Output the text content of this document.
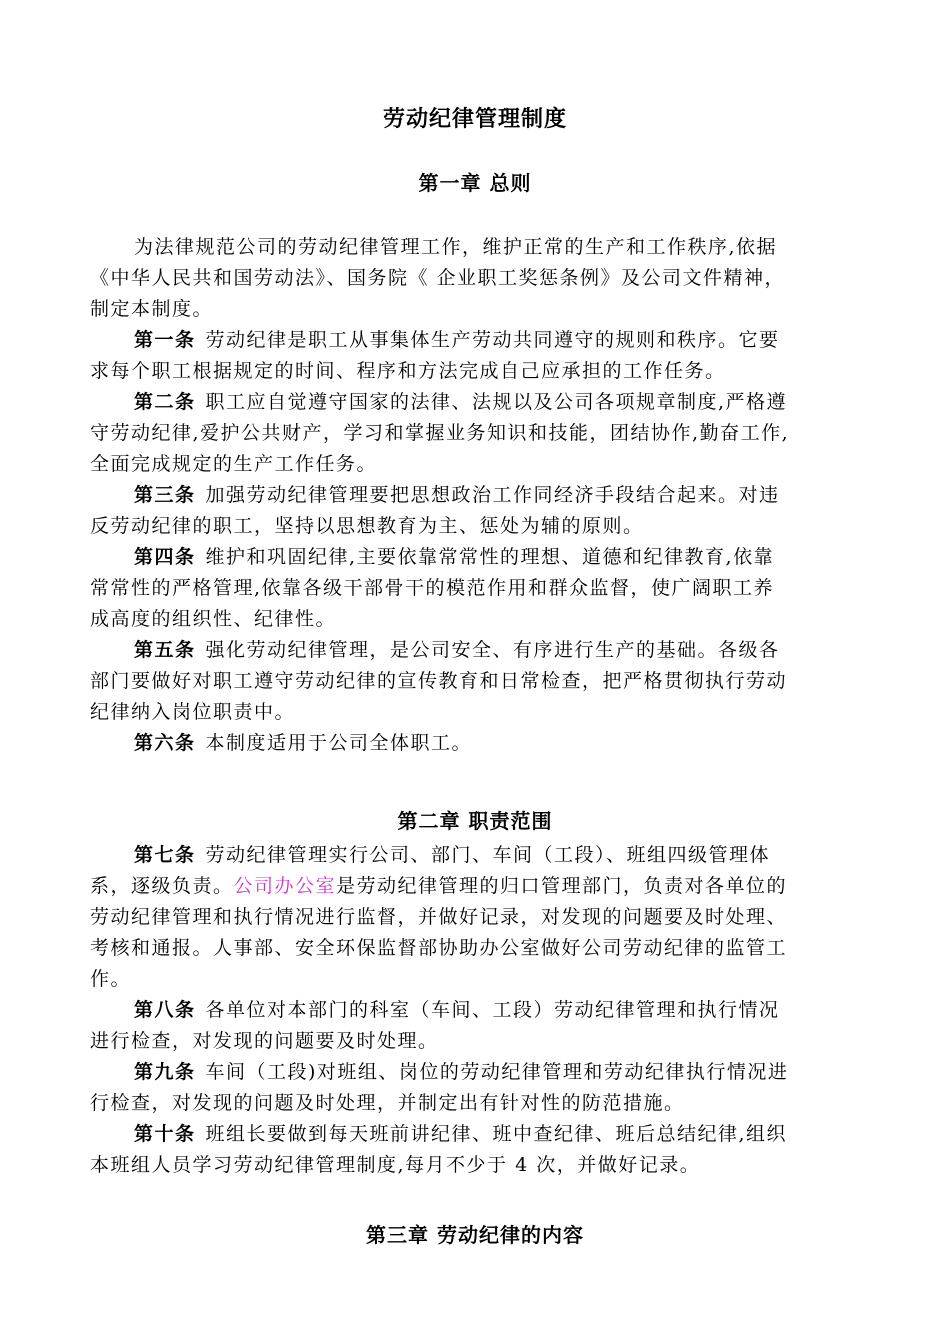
劳动纪律管理制度
第一章 总则
为法律规范公司的劳动纪律管理工作，维护正常的生产和工作秩序,依据
《中华人民共和国劳动法》、国务院《 企业职工奖惩条例》及公司文件精神，
制定本制度。
第一条 劳动纪律是职工从事集体生产劳动共同遵守的规则和秩序。它要
求每个职工根据规定的时间、程序和方法完成自己应承担的工作任务。
第二条 职工应自觉遵守国家的法律、法规以及公司各项规章制度,严格遵
守劳动纪律,爱护公共财产，学习和掌握业务知识和技能，团结协作,勤奋工作,
全面完成规定的生产工作任务。
第三条 加强劳动纪律管理要把思想政治工作同经济手段结合起来。对违
反劳动纪律的职工，坚持以思想教育为主、惩处为辅的原则。
第四条 维护和巩固纪律,主要依靠常常性的理想、道德和纪律教育,依靠
常常性的严格管理,依靠各级干部骨干的模范作用和群众监督，使广阔职工养
成高度的组织性、纪律性。
第五条 强化劳动纪律管理，是公司安全、有序进行生产的基础。各级各
部门要做好对职工遵守劳动纪律的宣传教育和日常检查，把严格贯彻执行劳动
纪律纳入岗位职责中。
第六条 本制度适用于公司全体职工。
第二章 职责范围
第七条 劳动纪律管理实行公司、部门、车间（工段）、班组四级管理体
系，逐级负责。公司办公室是劳动纪律管理的归口管理部门，负责对各单位的
劳动纪律管理和执行情况进行监督，并做好记录，对发现的问题要及时处理、
考核和通报。人事部、安全环保监督部协助办公室做好公司劳动纪律的监管工
作。
第八条 各单位对本部门的科室（车间、工段）劳动纪律管理和执行情况
进行检查，对发现的问题要及时处理。
第九条 车间（工段)对班组、岗位的劳动纪律管理和劳动纪律执行情况进
行检查，对发现的问题及时处理，并制定出有针对性的防范措施。
第十条 班组长要做到每天班前讲纪律、班中查纪律、班后总结纪律,组织
本班组人员学习劳动纪律管理制度,每月不少于 4 次，并做好记录。
第三章 劳动纪律的内容
